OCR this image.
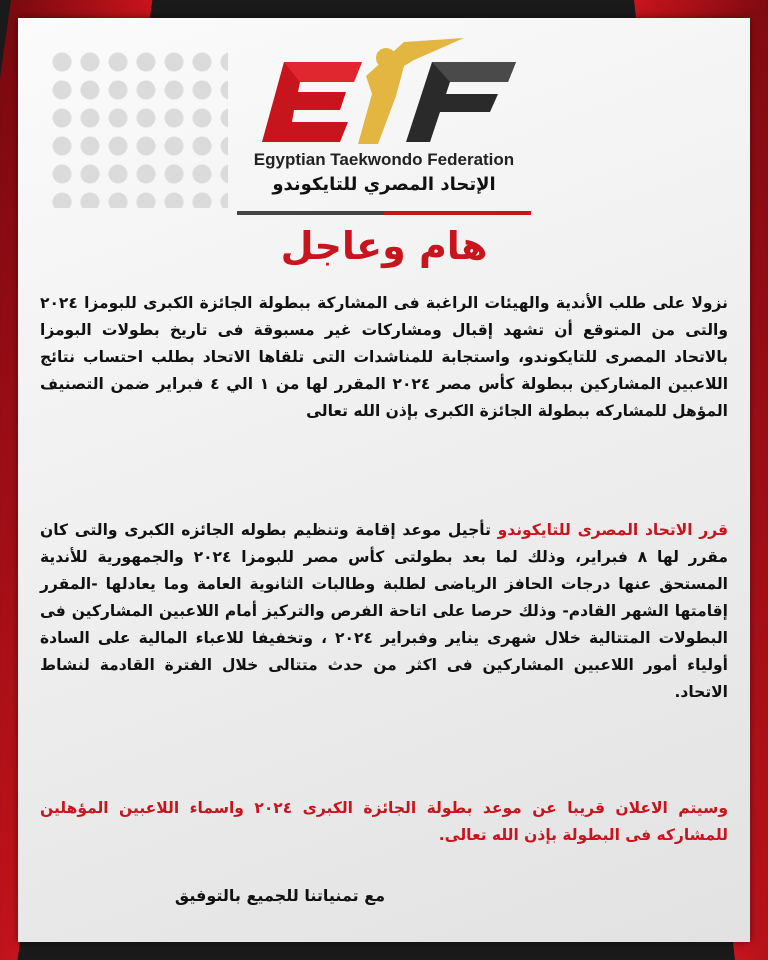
Egyptian Taekwondo Federation
الإتحاد المصري للتايكوندو
هام وعاجل
نزولا على طلب الأندية والهيئات الراغبة فى المشاركة ببطولة الجائزة الكبرى للبومزا ٢٠٢٤ والتى من المتوقع أن تشهد إقبال ومشاركات غير مسبوقة فى تاريخ بطولات البومزا بالاتحاد المصرى للتايكوندو، واستجابة للمناشدات التى تلقاها الاتحاد بطلب احتساب نتائج اللاعبين المشاركين ببطولة كأس مصر ٢٠٢٤ المقرر لها من ١ الي ٤ فبراير ضمن التصنيف المؤهل للمشاركه ببطولة الجائزة الكبرى بإذن الله تعالى
قرر الاتحاد المصرى للتايكوندو تأجيل موعد إقامة وتنظيم بطوله الجائزه الكبرى والتى كان مقرر لها ٨ فبراير، وذلك لما بعد بطولتى كأس مصر للبومزا ٢٠٢٤ والجمهورية للأندية المستحق عنها درجات الحافز الرياضى لطلبة وطالبات الثانوية العامة وما يعادلها -المقرر إقامتها الشهر القادم- وذلك حرصا على اتاحة الفرص والتركيز أمام اللاعبين المشاركين فى البطولات المتتالية خلال شهرى يناير وفبراير ٢٠٢٤ ، وتخفيفا للاعباء المالية على السادة أولياء أمور اللاعبين المشاركين فى اكثر من حدث متتالى خلال الفترة القادمة لنشاط الاتحاد.
وسيتم الاعلان قريبا عن موعد بطولة الجائزة الكبرى ٢٠٢٤ واسماء اللاعبين المؤهلين للمشاركه فى البطولة بإذن الله تعالى.
مع تمنياتنا للجميع بالتوفيق
